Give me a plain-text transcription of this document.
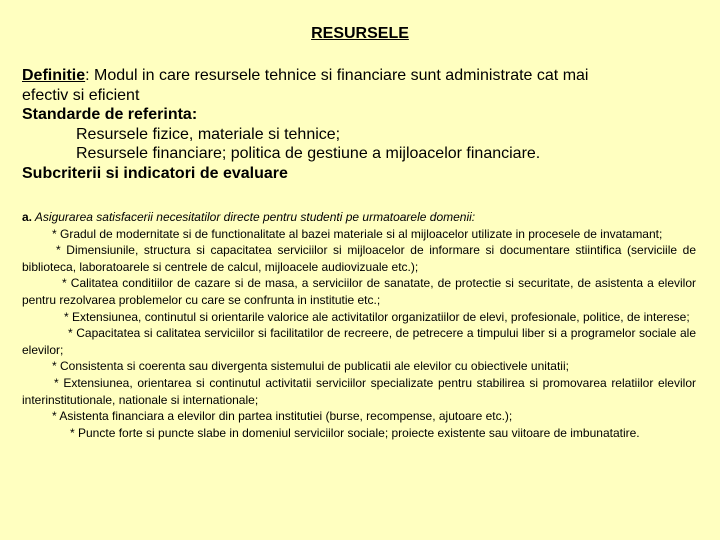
RESURSELE
Definitie: Modul in care resursele tehnice si financiare sunt administrate cat mai
efectiv si eficient
Standarde de referinta:
Resursele fizice, materiale si tehnice;
Resursele financiare; politica de gestiune a mijloacelor financiare.
Subcriterii si indicatori de evaluare
a. Asigurarea satisfacerii necesitatilor directe pentru studenti pe urmatoarele domenii:
* Gradul de modernitate si de functionalitate al bazei materiale si al mijloacelor utilizate in procesele de invatamant;
* Dimensiunile, structura si capacitatea serviciilor si mijloacelor de informare si documentare stiintifica (serviciile de biblioteca, laboratoarele si centrele de calcul, mijloacele audiovizuale etc.);
* Calitatea conditiilor de cazare si de masa, a serviciilor de sanatate, de protectie si securitate, de asistenta a elevilor pentru rezolvarea problemelor cu care se confrunta in institutie etc.;
* Extensiunea, continutul si orientarile valorice ale activitatilor organizatiilor de elevi, profesionale, politice, de interese;
* Capacitatea si calitatea serviciilor si facilitatilor de recreere, de petrecere a timpului liber si a programelor sociale ale elevilor;
* Consistenta si coerenta sau divergenta sistemului de publicatii ale elevilor cu obiectivele unitatii;
* Extensiunea, orientarea si continutul activitatii serviciilor specializate pentru stabilirea si promovarea relatiilor elevilor interinstitutionale, nationale si internationale;
* Asistenta financiara a elevilor din partea institutiei (burse, recompense, ajutoare etc.);
* Puncte forte si puncte slabe in domeniul serviciilor sociale; proiecte existente sau viitoare de imbunatatire.
